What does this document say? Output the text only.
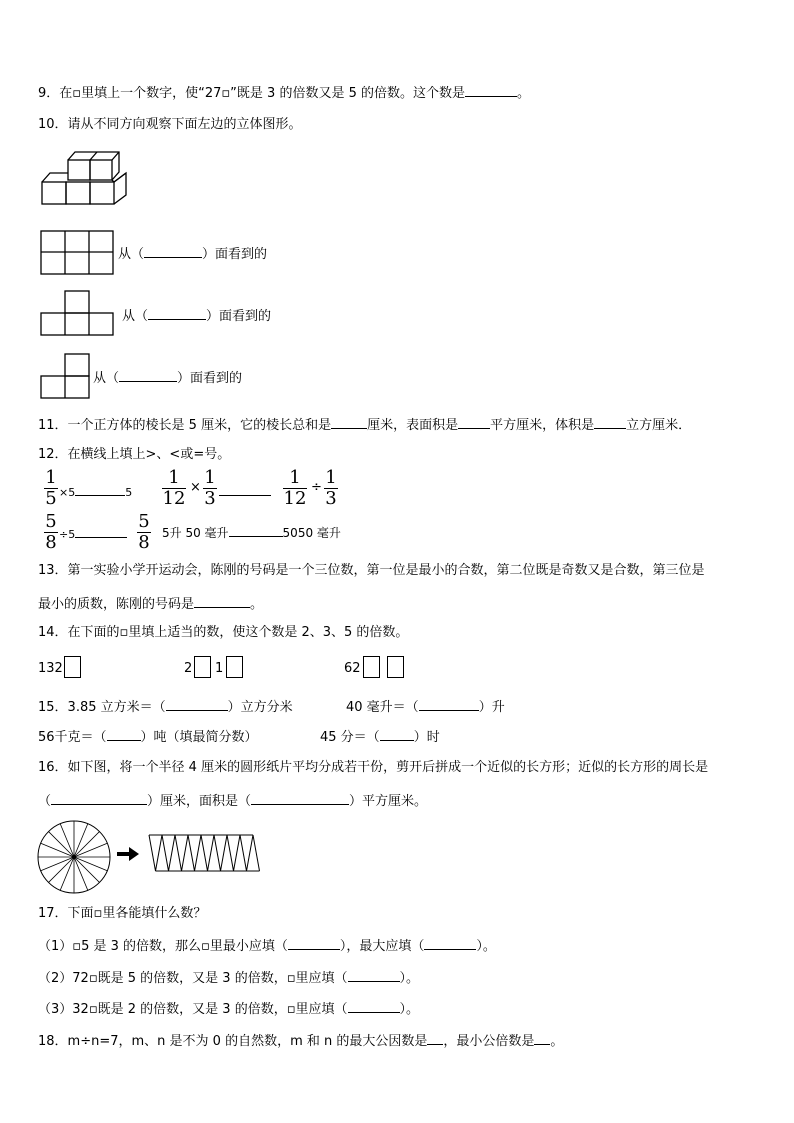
9．在▫里填上一个数字，使“27▫”既是 3 的倍数又是 5 的倍数。这个数是	。
10．请从不同方向观察下面左边的立体图形。
从（	）面看到的
从（	）面看到的
从（	）面看到的
11．一个正方体的棱长是 5 厘米，它的棱长总和是	厘米，表面积是 平方厘米，体积是 立方厘米．
12．在横线上填上>、<或=号。
1
5 ×5	5
1
12
× 1
3
1
12
÷ 1
3
5
8 ÷5
5
8 5升 50 毫升	5050 毫升
13．第一实验小学开运动会，陈刚的号码是一个三位数，第一位是最小的合数，第二位既是奇数又是合数，第三位是
最小的质数，陈刚的号码是	。
14．在下面的▫里填上适当的数，使这个数是 2、3、5 的倍数。
132	2 1	62
15．3.85 立方米＝（	）立方分米	40 毫升＝（	）升
56千克＝（	）吨（填最简分数）	45 分＝（	）时
16．如下图，将一个半径 4 厘米的圆形纸片平均分成若干份，剪开后拼成一个近似的长方形；近似的长方形的周长是
（	）厘米，面积是（	）平方厘米。
17．下面▫里各能填什么数？
（1）▫5 是 3 的倍数，那么▫里最小应填（	），最大应填（	）。
（2）72▫既是 5 的倍数，又是 3 的倍数，▫里应填（	）。
（3）32▫既是 2 的倍数，又是 3 的倍数，▫里应填（	）。
18．m÷n=7，m、n 是不为 0 的自然数，m 和 n 的最大公因数是 ，最小公倍数是 。
